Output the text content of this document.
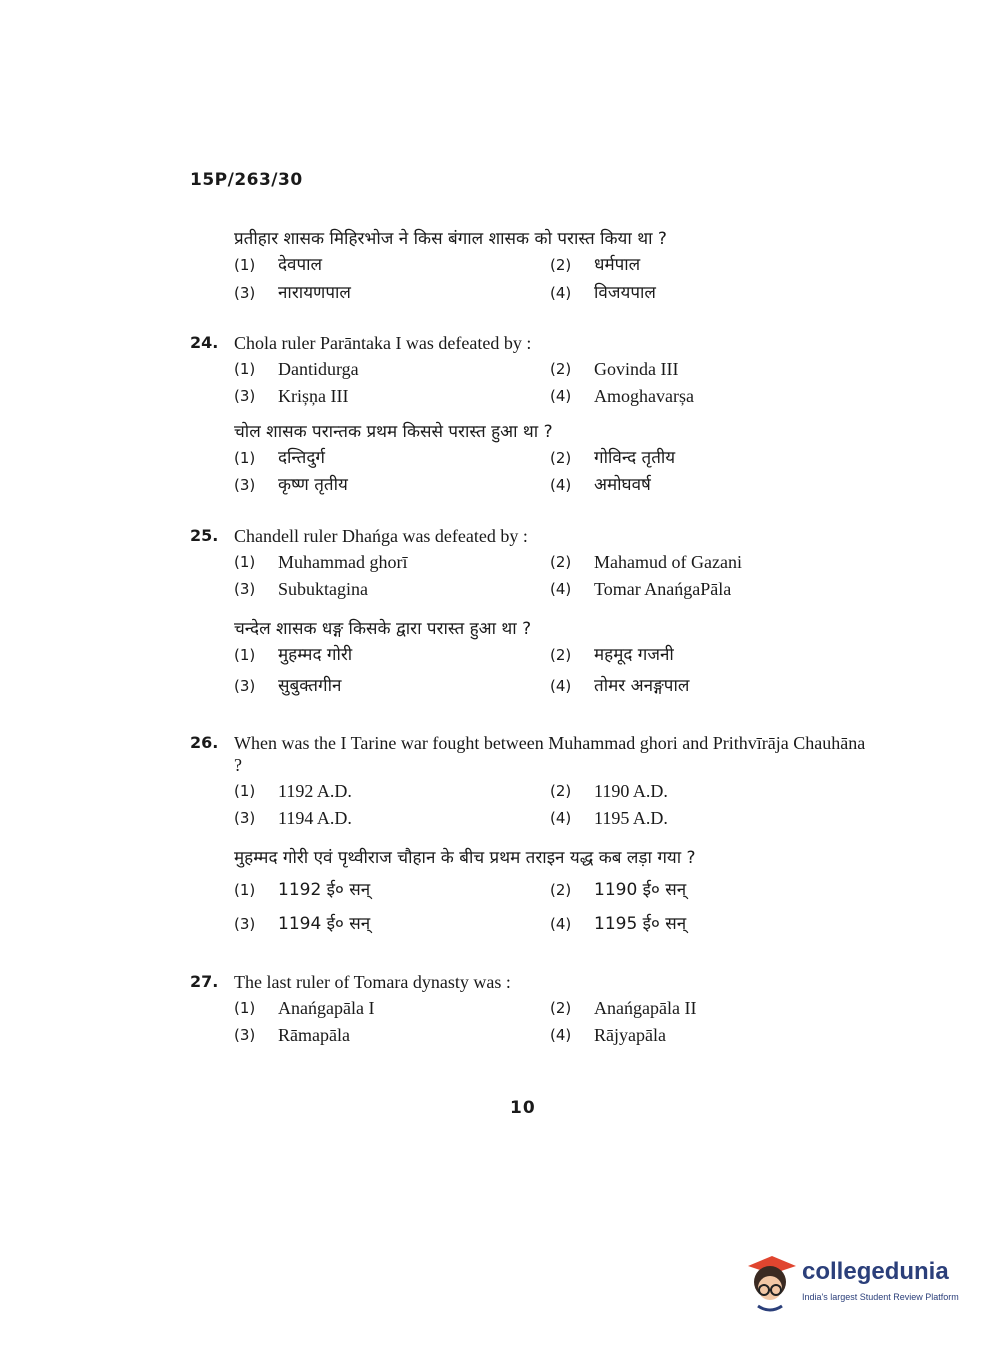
15P/263/30
प्रतीहार शासक मिहिरभोज ने किस बंगाल शासक को परास्त किया था ?
(1)	देवपाल	(2)	धर्मपाल
(3)	नारायणपाल	(4)	विजयपाल
24. Chola ruler Parāntaka I was defeated by :
(1)	Dantidurga	(2)	Govinda III
(3)	Krișņa III	(4)	Amoghavarșa
चोल शासक परान्तक प्रथम किससे परास्त हुआ था ?
(1)	दन्तिदुर्ग	(2)	गोविन्द तृतीय
(3)	कृष्ण तृतीय	(4)	अमोघवर्ष
25. Chandell ruler Dhańga was defeated by :
(1)	Muhammad ghorī	(2)	Mahamud of Gazani
(3)	Subuktagina	(4)	Tomar AnańgaPāla
चन्देल शासक धङ्ग किसके द्वारा परास्त हुआ था ?
(1)	मुहम्मद गोरी	(2)	महमूद गजनी
(3)	सुबुक्तगीन	(4)	तोमर अनङ्गपाल
26. When was the I Tarine war fought between Muhammad ghori and Prithvīrāja Chauhāna ?
(1)	1192 A.D.	(2)	1190 A.D.
(3)	1194 A.D.	(4)	1195 A.D.
मुहम्मद गोरी एवं पृथ्वीराज चौहान के बीच प्रथम तराइन यद्ध कब लड़ा गया ?
(1)	1192 ई० सन्	(2)	1190 ई० सन्
(3)	1194 ई० सन्	(4)	1195 ई० सन्
27. The last ruler of Tomara dynasty was :
(1)	Anańgapāla I	(2)	Anańgapāla II
(3)	Rāmapāla	(4)	Rājyapāla
10
collegedunia
India's largest Student Review Platform
